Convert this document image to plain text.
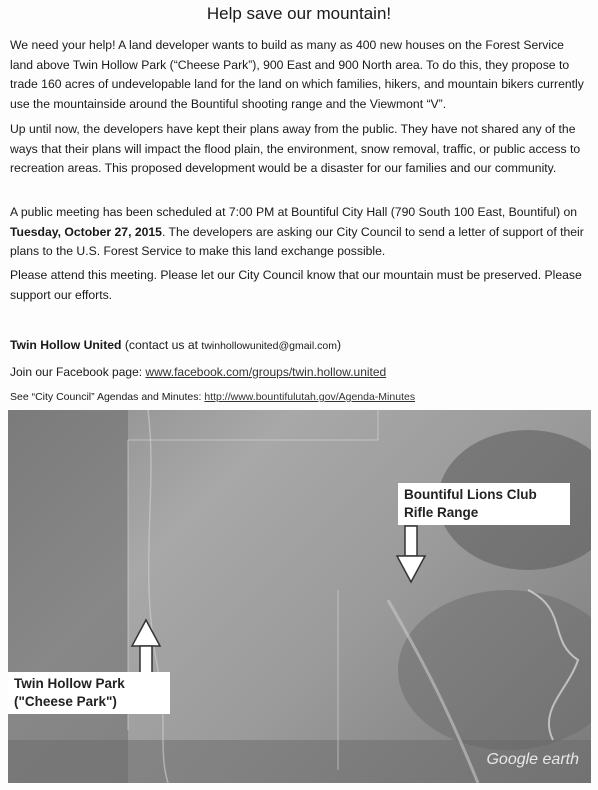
Help save our mountain!

We need your help! A land developer wants to build as many as 400 new houses on the Forest Service land above Twin Hollow Park (“Cheese Park”), 900 East and 900 North area. To do this, they propose to trade 160 acres of undevelopable land for the land on which families, hikers, and mountain bikers currently use the mountainside around the Bountiful shooting range and the Viewmont “V”.

Up until now, the developers have kept their plans away from the public. They have not shared any of the ways that their plans will impact the flood plain, the environment, snow removal, traffic, or public access to recreation areas. This proposed development would be a disaster for our families and our community.

A public meeting has been scheduled at 7:00 PM at Bountiful City Hall (790 South 100 East, Bountiful) on Tuesday, October 27, 2015. The developers are asking our City Council to send a letter of support of their plans to the U.S. Forest Service to make this land exchange possible.

Please attend this meeting. Please let our City Council know that our mountain must be preserved. Please support our efforts.

Twin Hollow United (contact us at twinhollowunited@gmail.com)
Join our Facebook page: www.facebook.com/groups/twin.hollow.united
See “City Council” Agendas and Minutes: http://www.bountifulutah.gov/Agenda-Minutes
Bountiful Lions Club
Rifle Range
Twin Hollow Park
("Cheese Park")
Google earth
